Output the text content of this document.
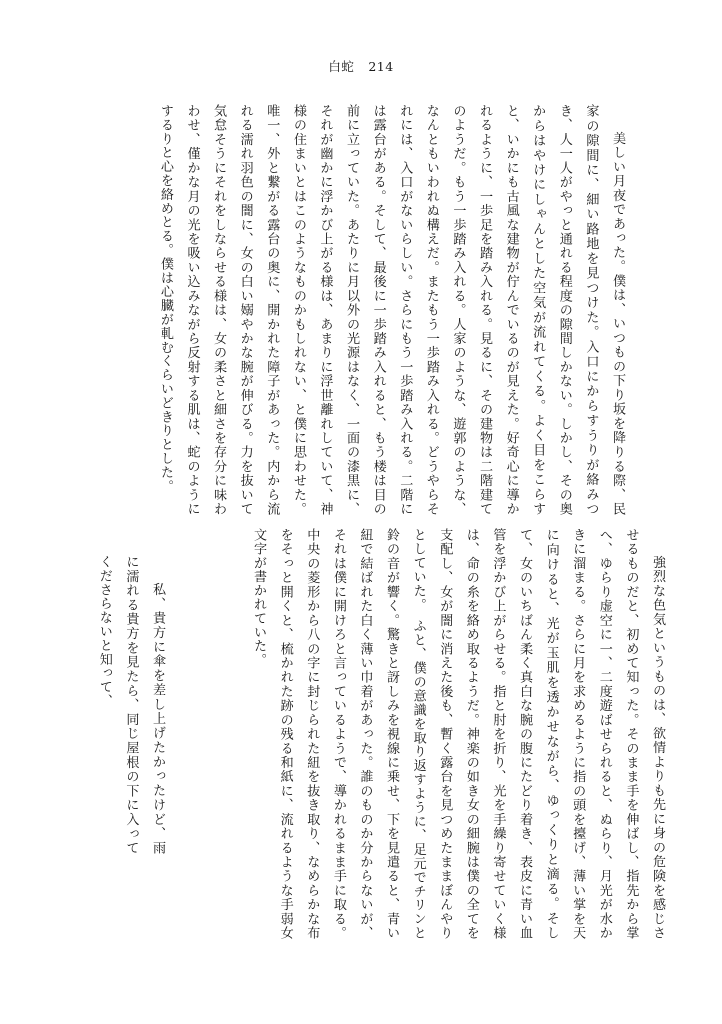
白蛇 214

　美しい月夜であった。僕は、いつもの下り坂を降りる際、民家の隙間に、細い路地を見つけた。入口にからすうりが絡みつき、人一人がやっと通れる程度の隙間しかない。しかし、その奥からはやけにしゃんとした空気が流れてくる。よく目をこらすと、いかにも古風な建物が佇んでいるのが見えた。好奇心に導かれるように、一歩足を踏み入れる。見るに、その建物は二階建てのようだ。もう一歩踏み入れる。人家のような、遊郭のような、なんともいわれぬ構えだ。またもう一歩踏み入れる。どうやらそれには、入口がないらしい。さらにもう一歩踏み入れる。二階には露台がある。そして、最後に一歩踏み入れると、もう楼は目の前に立っていた。あたりに月以外の光源はなく、一面の漆黒に、それが幽かに浮かび上がる様は、あまりに浮世離れしていて、神様の住まいとはこのようなものかもしれない、と僕に思わせた。唯一、外と繋がる露台の奥に、開かれた障子があった。内から流れる濡れ羽色の闇に、女の白い嫋やかな腕が伸びる。力を抜いて気怠そうにそれをしならせる様は、女の柔さと細さを存分に味わわせ、僅かな月の光を吸い込みながら反射する肌は、蛇のようにするりと心を絡めとる。僕は心臓が軋むくらいどきりとした。

　強烈な色気というものは、欲情よりも先に身の危険を感じさせるものだと、初めて知った。そのまま手を伸ばし、指先から掌へ、ゆらり虚空に一、二度遊ばせられると、ぬらり、月光が水かきに溜まる。さらに月を求めるように指の頭を擡げ、薄い掌を天に向けると、光が玉肌を透かせながら、ゆっくりと滴る。そして、女のいちばん柔く真白な腕の腹にたどり着き、表皮に青い血管を浮かび上がらせる。指と肘を折り、光を手繰り寄せていく様は、命の糸を絡め取るようだ。神楽の如き女の細腕は僕の全てを支配し、女が闇に消えた後も、暫く露台を見つめたままぼんやりとしていた。　ふと、僕の意識を取り返すように、足元でチリンと鈴の音が響く。驚きと訝しみを視線に乗せ、下を見遣ると、青い紐で結ばれた白く薄い巾着があった。誰のものか分からないが、それは僕に開けろと言っているようで、導かれるまま手に取る。中央の菱形から八の字に封じられた紐を抜き取り、なめらかな布をそっと開くと、梳かれた跡の残る和紙に、流れるような手弱女文字が書かれていた。

　私、貴方に傘を差し上げたかったけど、雨に濡れる貴方を見たら、同じ屋根の下に入ってくださらないと知って、
